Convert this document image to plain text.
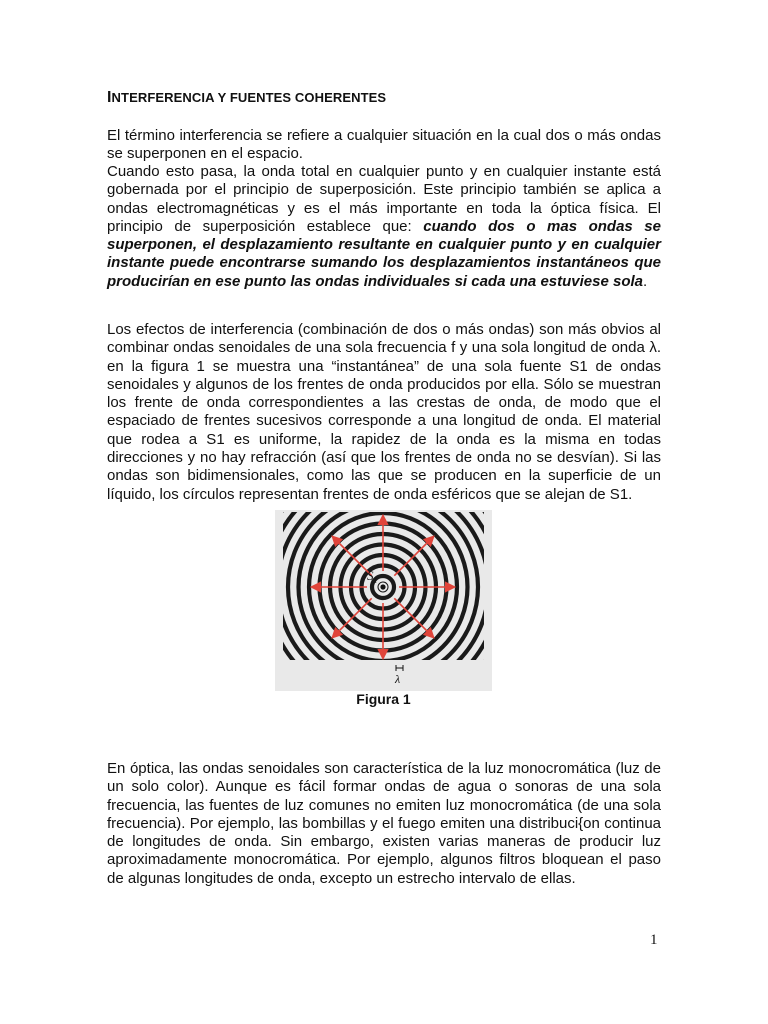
INTERFERENCIA Y FUENTES COHERENTES

El término interferencia se refiere a cualquier situación en la cual dos o más ondas se superponen en el espacio.

Cuando esto pasa, la onda total en cualquier punto y en cualquier instante está gobernada por el principio de superposición. Este principio también se aplica a ondas electromagnéticas y es el más importante en toda la óptica física. El principio de superposición establece que: cuando dos o mas ondas se superponen, el desplazamiento resultante en cualquier punto y en cualquier instante puede encontrarse sumando los desplazamientos instantáneos que producirían en ese punto las ondas individuales si cada una estuviese sola.

Los efectos de interferencia (combinación de dos o más ondas) son más obvios al combinar ondas senoidales de una sola frecuencia f y una sola longitud de onda λ. en la figura 1 se muestra una “instantánea” de una sola fuente S1 de ondas senoidales y algunos de los frentes de onda producidos por ella. Sólo se muestran los frente de onda correspondientes a las crestas de onda, de modo que el espaciado de frentes sucesivos corresponde a una longitud de onda. El material que rodea a S1 es uniforme, la rapidez de la onda es la misma en todas direcciones y no hay refracción (así que los frentes de onda no se desvían). Si las ondas son bidimensionales, como las que se producen en la superficie de un líquido, los círculos representan frentes de onda esféricos que se alejan de S1.

$S_1$
λ
Figura 1

En óptica, las ondas senoidales son característica de la luz monocromática (luz de un solo color). Aunque es fácil formar ondas de agua o sonoras de una sola frecuencia, las fuentes de luz comunes no emiten luz monocromática (de una sola frecuencia). Por ejemplo, las bombillas y el fuego emiten una distribuci{on continua de longitudes de onda. Sin embargo, existen varias maneras de producir luz aproximadamente monocromática. Por ejemplo, algunos filtros bloquean el paso de algunas longitudes de onda, excepto un estrecho intervalo de ellas.

1
